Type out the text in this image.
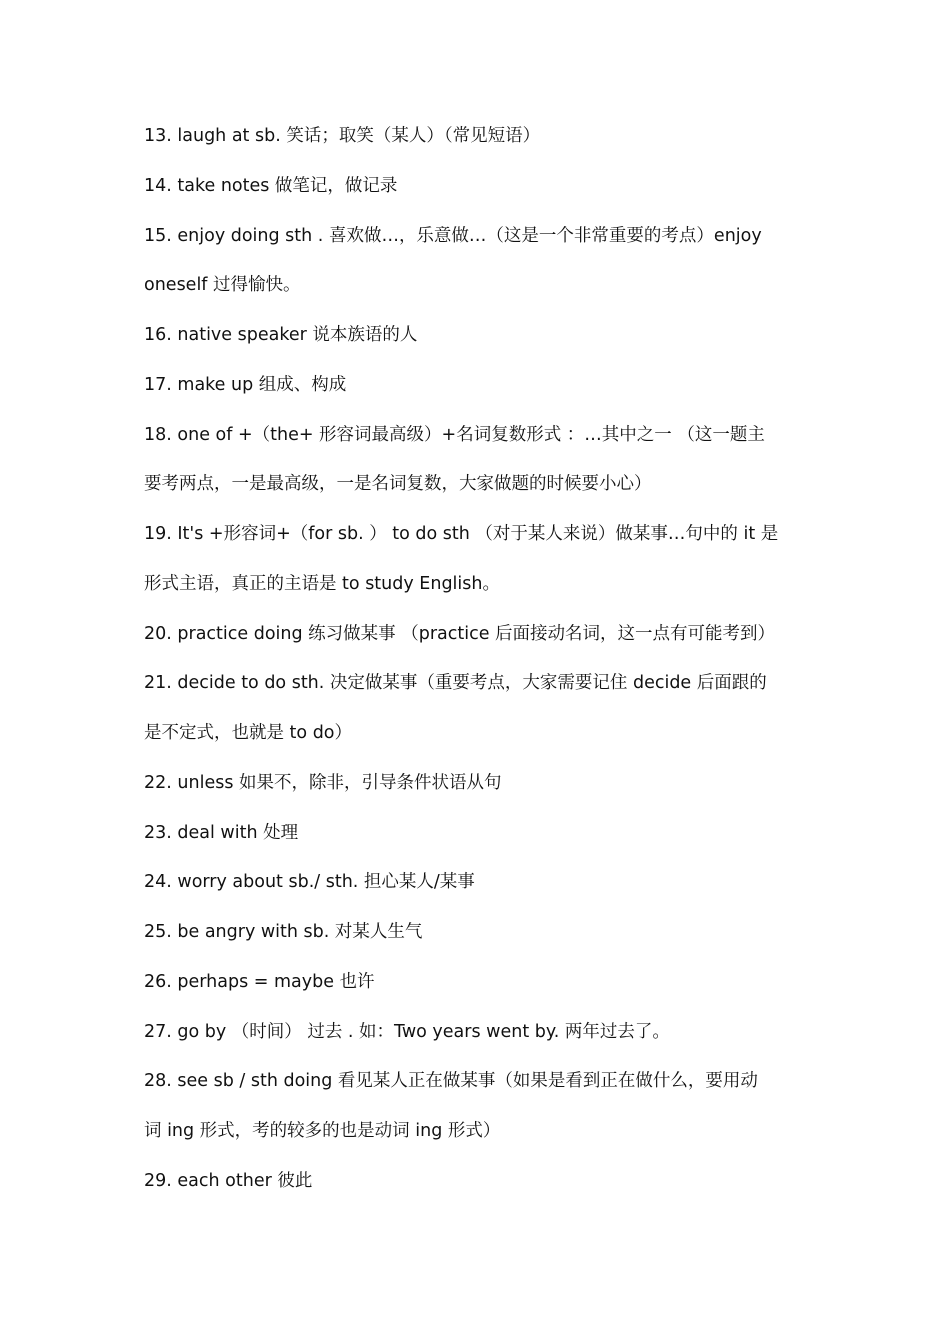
13. laugh at sb. 笑话；取笑（某人）（常见短语）

14. take notes 做笔记，做记录

15. enjoy doing sth . 喜欢做…，乐意做…（这是一个非常重要的考点）enjoy
oneself 过得愉快。

16. native speaker 说本族语的人

17. make up 组成、构成

18. one of +（the+ 形容词最高级）+名词复数形式 ：…其中之一 （这一题主
要考两点，一是最高级，一是名词复数，大家做题的时候要小心）

19. It's +形容词+（for sb. ） to do sth （对于某人来说）做某事…句中的 it 是
形式主语，真正的主语是 to study English。

20. practice doing 练习做某事 （practice 后面接动名词，这一点有可能考到）

21. decide to do sth. 决定做某事（重要考点，大家需要记住 decide 后面跟的
是不定式，也就是 to do）

22. unless 如果不，除非，引导条件状语从句

23. deal with 处理

24. worry about sb./ sth. 担心某人/某事

25. be angry with sb. 对某人生气

26. perhaps = maybe 也许

27. go by （时间） 过去 . 如：Two years went by. 两年过去了。

28. see sb / sth doing 看见某人正在做某事（如果是看到正在做什么，要用动
词 ing 形式，考的较多的也是动词 ing 形式）

29. each other 彼此
